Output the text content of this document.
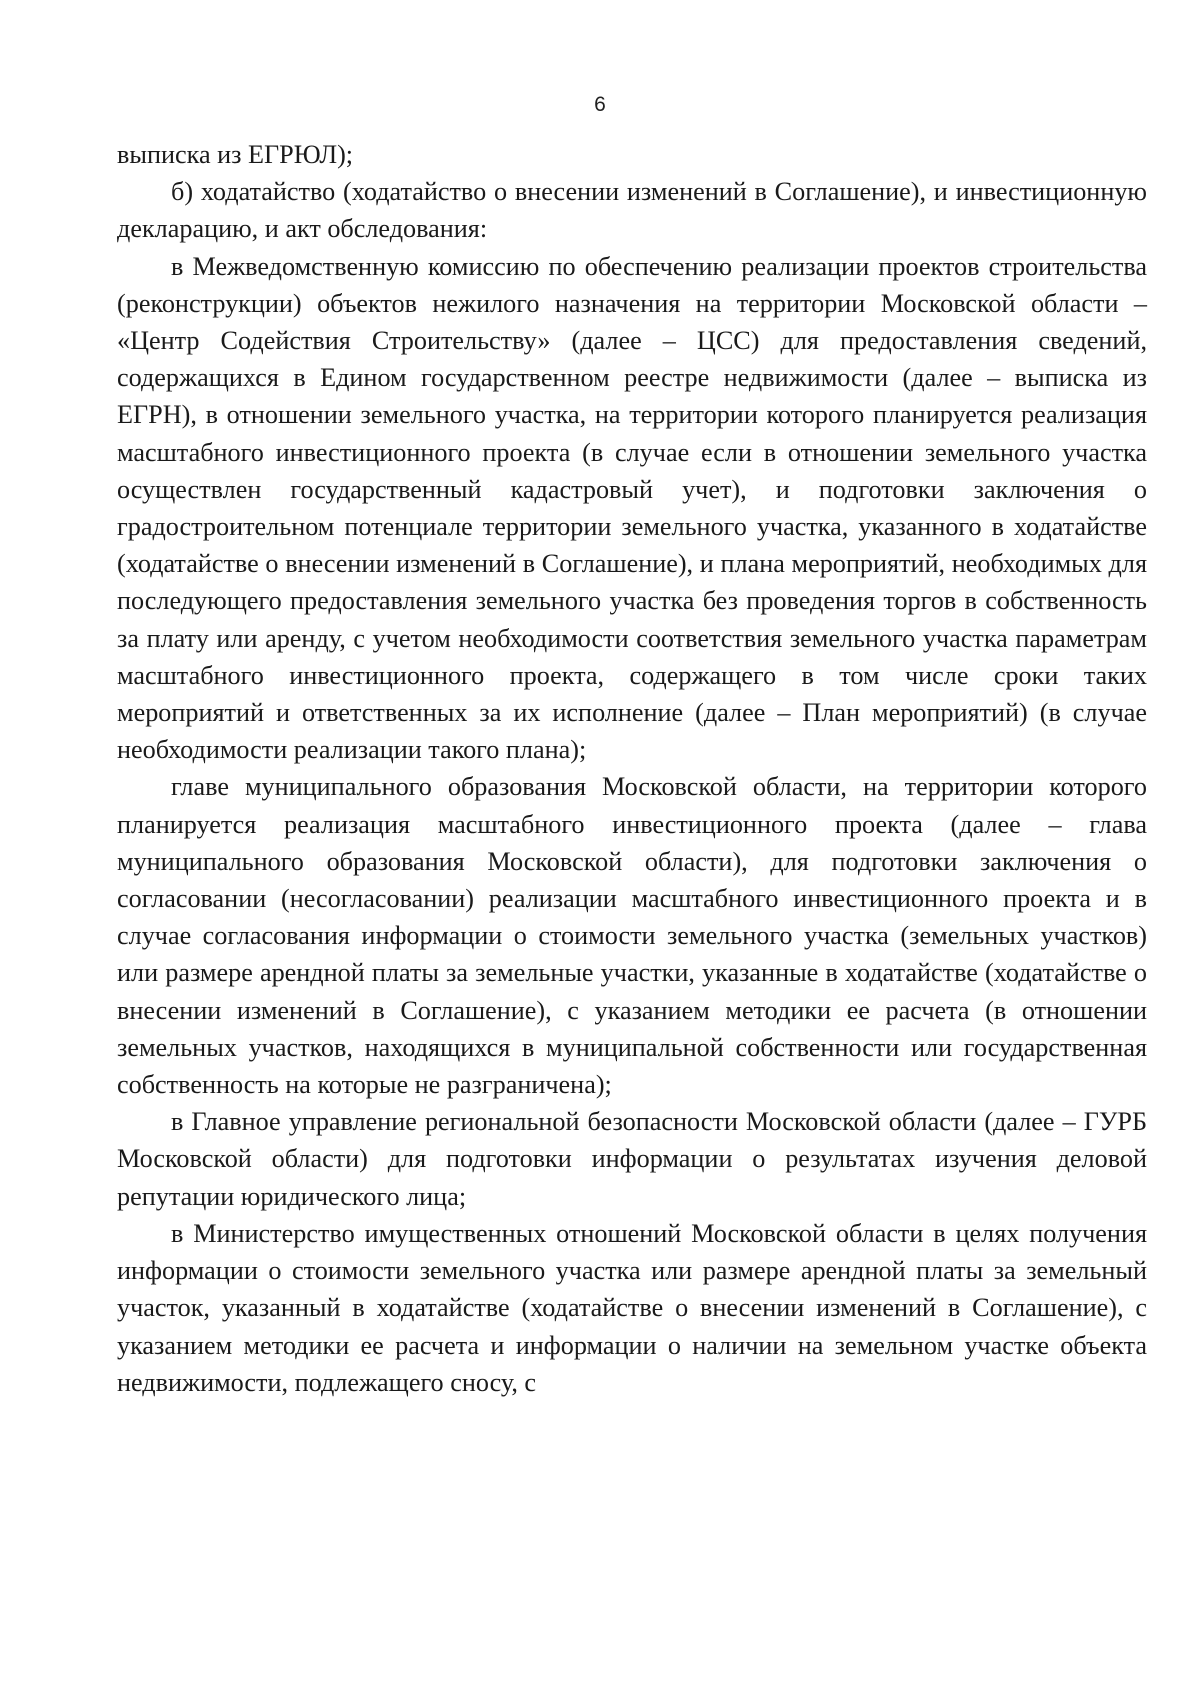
6

выписка из ЕГРЮЛ);

б) ходатайство (ходатайство о внесении изменений в Соглашение), и инвестиционную декларацию, и акт обследования:

в Межведомственную комиссию по обеспечению реализации проектов строительства (реконструкции) объектов нежилого назначения на территории Московской области – «Центр Содействия Строительству» (далее – ЦСС) для предоставления сведений, содержащихся в Едином государственном реестре недвижимости (далее – выписка из ЕГРН), в отношении земельного участка, на территории которого планируется реализация масштабного инвестиционного проекта (в случае если в отношении земельного участка осуществлен государственный кадастровый учет), и подготовки заключения о градостроительном потенциале территории земельного участка, указанного в ходатайстве (ходатайстве о внесении изменений в Соглашение), и плана мероприятий, необходимых для последующего предоставления земельного участка без проведения торгов в собственность за плату или аренду, с учетом необходимости соответствия земельного участка параметрам масштабного инвестиционного проекта, содержащего в том числе сроки таких мероприятий и ответственных за их исполнение (далее – План мероприятий) (в случае необходимости реализации такого плана);

главе муниципального образования Московской области, на территории которого планируется реализация масштабного инвестиционного проекта (далее – глава муниципального образования Московской области), для подготовки заключения о согласовании (несогласовании) реализации масштабного инвестиционного проекта и в случае согласования информации о стоимости земельного участка (земельных участков) или размере арендной платы за земельные участки, указанные в ходатайстве (ходатайстве о внесении изменений в Соглашение), с указанием методики ее расчета (в отношении земельных участков, находящихся в муниципальной собственности или государственная собственность на которые не разграничена);

в Главное управление региональной безопасности Московской области (далее – ГУРБ Московской области) для подготовки информации о результатах изучения деловой репутации юридического лица;

в Министерство имущественных отношений Московской области в целях получения информации о стоимости земельного участка или размере арендной платы за земельный участок, указанный в ходатайстве (ходатайстве о внесении изменений в Соглашение), с указанием методики ее расчета и информации о наличии на земельном участке объекта недвижимости, подлежащего сносу, с
